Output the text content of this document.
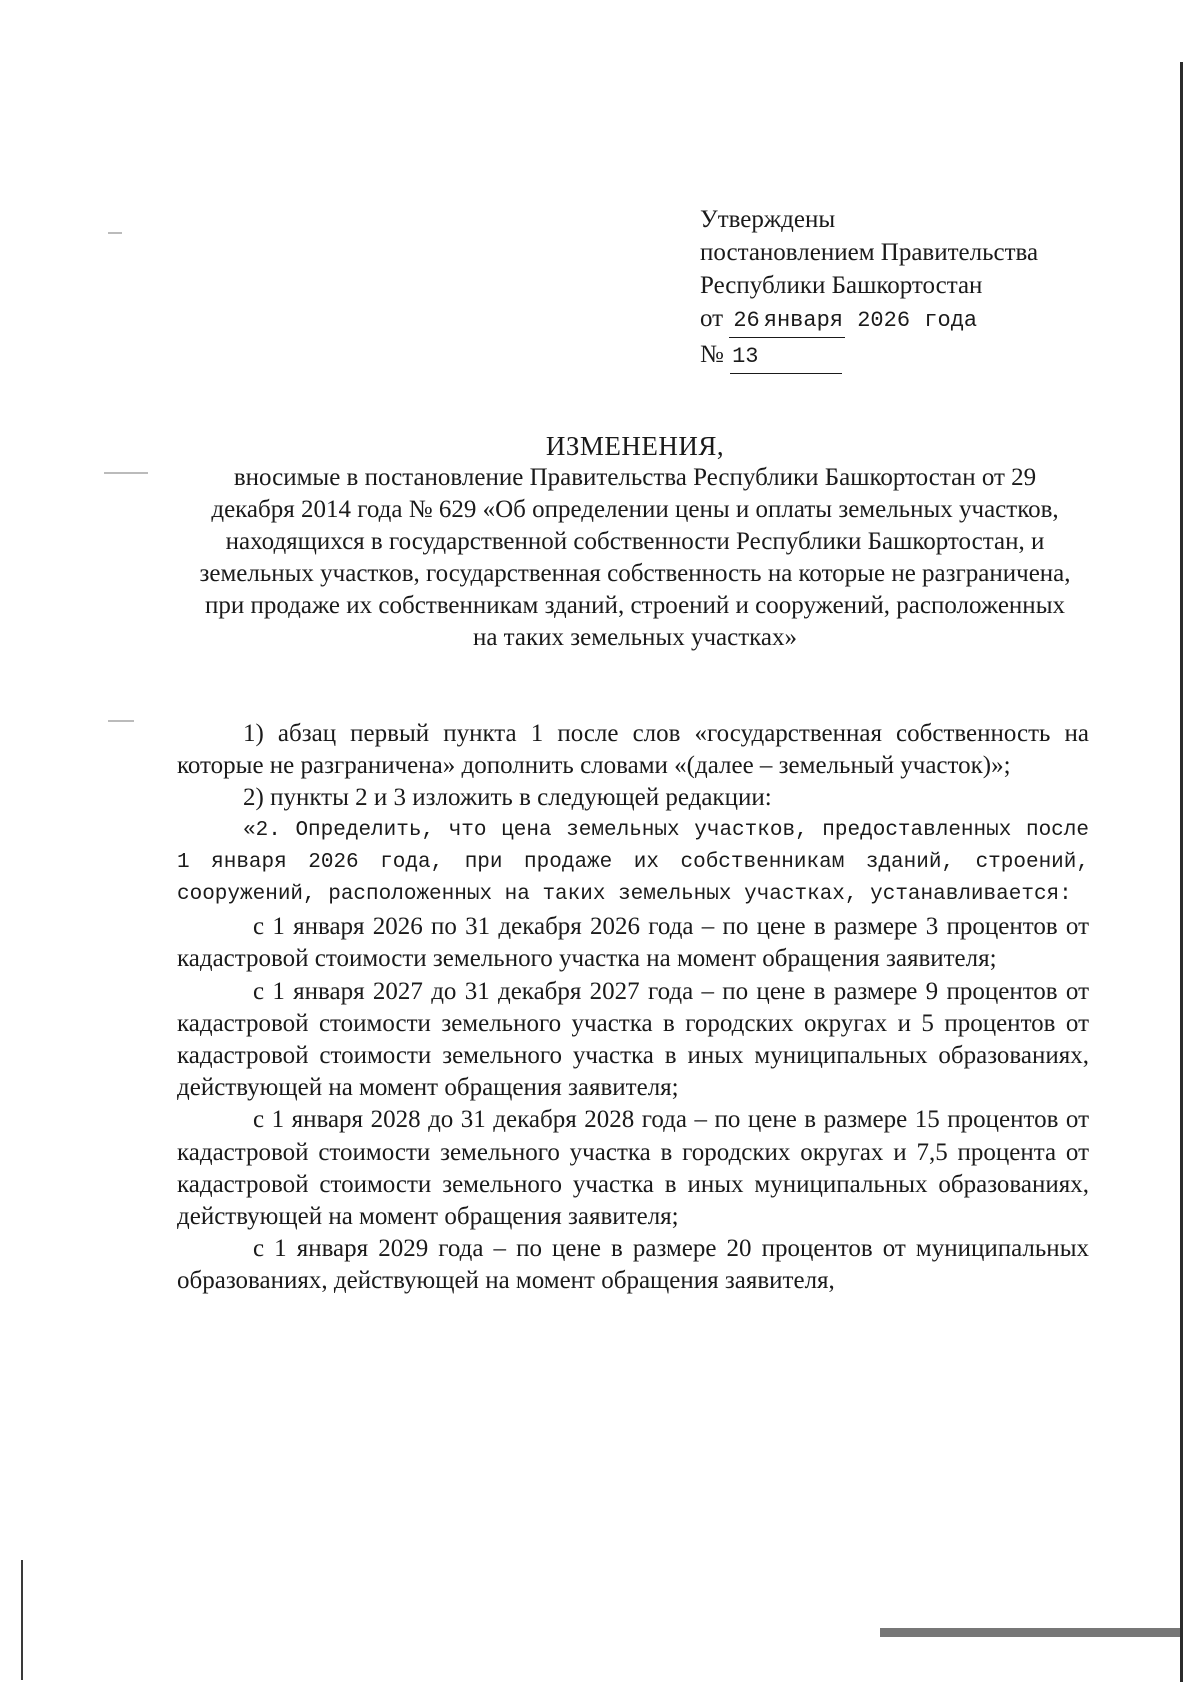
Утверждены
постановлением Правительства
Республики Башкортостан
от 26 января 2026 года
№ 13
ИЗМЕНЕНИЯ,
вносимые в постановление Правительства Республики Башкортостан от 29 декабря 2014 года № 629 «Об определении цены и оплаты земельных участков, находящихся в государственной собственности Республики Башкортостан, и земельных участков, государственная собственность на которые не разграничена, при продаже их собственникам зданий, строений и сооружений, расположенных на таких земельных участках»

1) абзац первый пункта 1 после слов «государственная собственность на которые не разграничена» дополнить словами «(далее – земельный участок)»;

2) пункты 2 и 3 изложить в следующей редакции:

«2. Определить, что цена земельных участков, предоставленных после 1 января 2026 года, при продаже их собственникам зданий, строений, сооружений, расположенных на таких земельных участках, устанавливается:

с 1 января 2026 по 31 декабря 2026 года – по цене в размере 3 процентов от кадастровой стоимости земельного участка на момент обращения заявителя;

с 1 января 2027 до 31 декабря 2027 года – по цене в размере 9 процентов от кадастровой стоимости земельного участка в городских округах и 5 процентов от кадастровой стоимости земельного участка в иных муниципальных образованиях, действующей на момент обращения заявителя;

с 1 января 2028 до 31 декабря 2028 года – по цене в размере 15 процентов от кадастровой стоимости земельного участка в городских округах и 7,5 процента от кадастровой стоимости земельного участка в иных муниципальных образованиях, действующей на момент обращения заявителя;

с 1 января 2029 года – по цене в размере 20 процентов от муниципальных образованиях, действующей на момент обращения заявителя,
